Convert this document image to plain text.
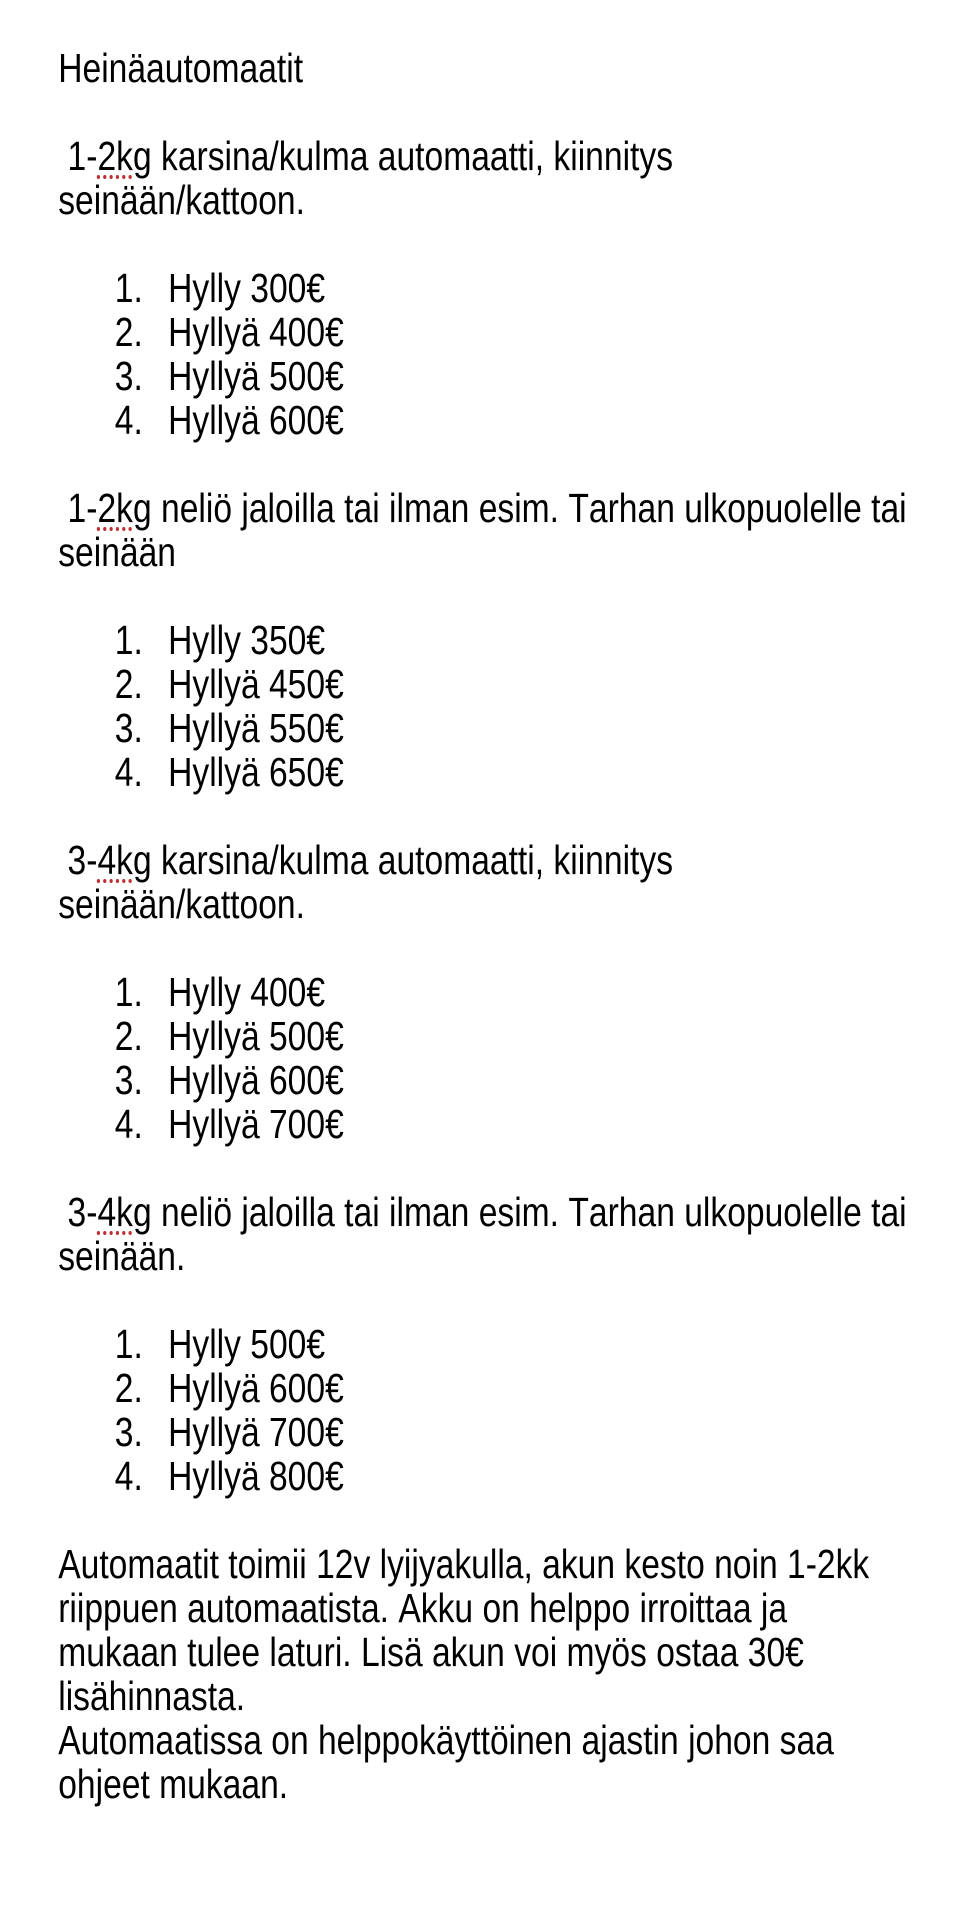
Heinäautomaatit
1-2kg karsina/kulma automaatti, kiinnitys
seinään/kattoon.
1. Hylly 300€
2. Hyllyä 400€
3. Hyllyä 500€
4. Hyllyä 600€
1-2kg neliö jaloilla tai ilman esim. Tarhan ulkopuolelle tai
seinään
1. Hylly 350€
2. Hyllyä 450€
3. Hyllyä 550€
4. Hyllyä 650€
3-4kg karsina/kulma automaatti, kiinnitys
seinään/kattoon.
1. Hylly 400€
2. Hyllyä 500€
3. Hyllyä 600€
4. Hyllyä 700€
3-4kg neliö jaloilla tai ilman esim. Tarhan ulkopuolelle tai
seinään.
1. Hylly 500€
2. Hyllyä 600€
3. Hyllyä 700€
4. Hyllyä 800€
Automaatit toimii 12v lyijyakulla, akun kesto noin 1-2kk
riippuen automaatista. Akku on helppo irroittaa ja
mukaan tulee laturi. Lisä akun voi myös ostaa 30€
lisähinnasta.
Automaatissa on helppokäyttöinen ajastin johon saa
ohjeet mukaan.
